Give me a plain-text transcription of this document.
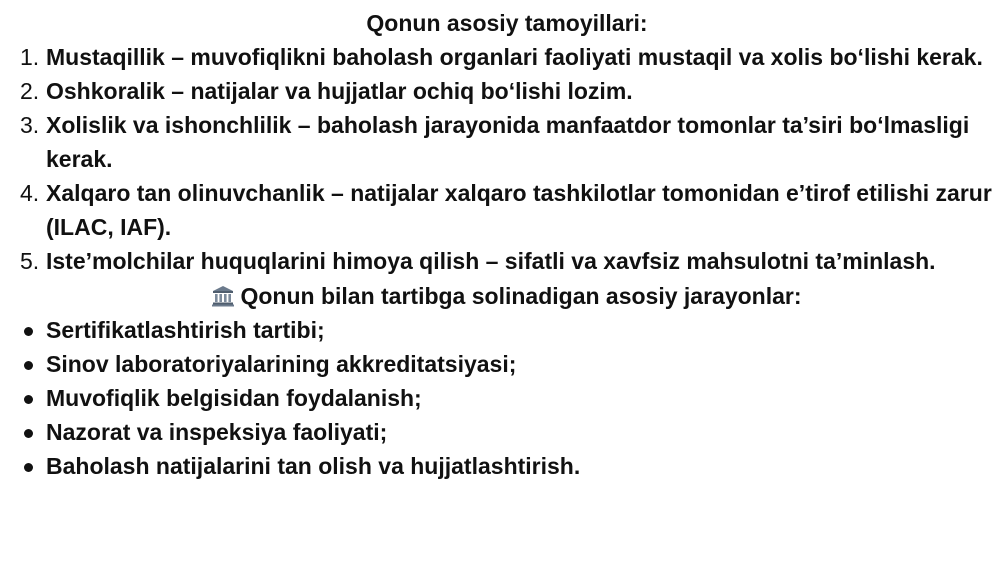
Qonun asosiy tamoyillari:
1. Mustaqillik – muvofiqlikni baholash organlari faoliyati mustaqil va xolis bo‘lishi kerak.
2. Oshkoralik – natijalar va hujjatlar ochiq bo‘lishi lozim.
3. Xolislik va ishonchlilik – baholash jarayonida manfaatdor tomonlar ta’siri bo‘lmasligi kerak.
4. Xalqaro tan olinuvchanlik – natijalar xalqaro tashkilotlar tomonidan e’tirof etilishi zarur (ILAC, IAF).
5. Iste’molchilar huquqlarini himoya qilish – sifatli va xavfsiz mahsulotni ta’minlash.
Qonun bilan tartibga solinadigan asosiy jarayonlar:
Sertifikatlashtirish tartibi;
Sinov laboratoriyalarining akkreditatsiyasi;
Muvofiqlik belgisidan foydalanish;
Nazorat va inspeksiya faoliyati;
Baholash natijalarini tan olish va hujjatlashtirish.
